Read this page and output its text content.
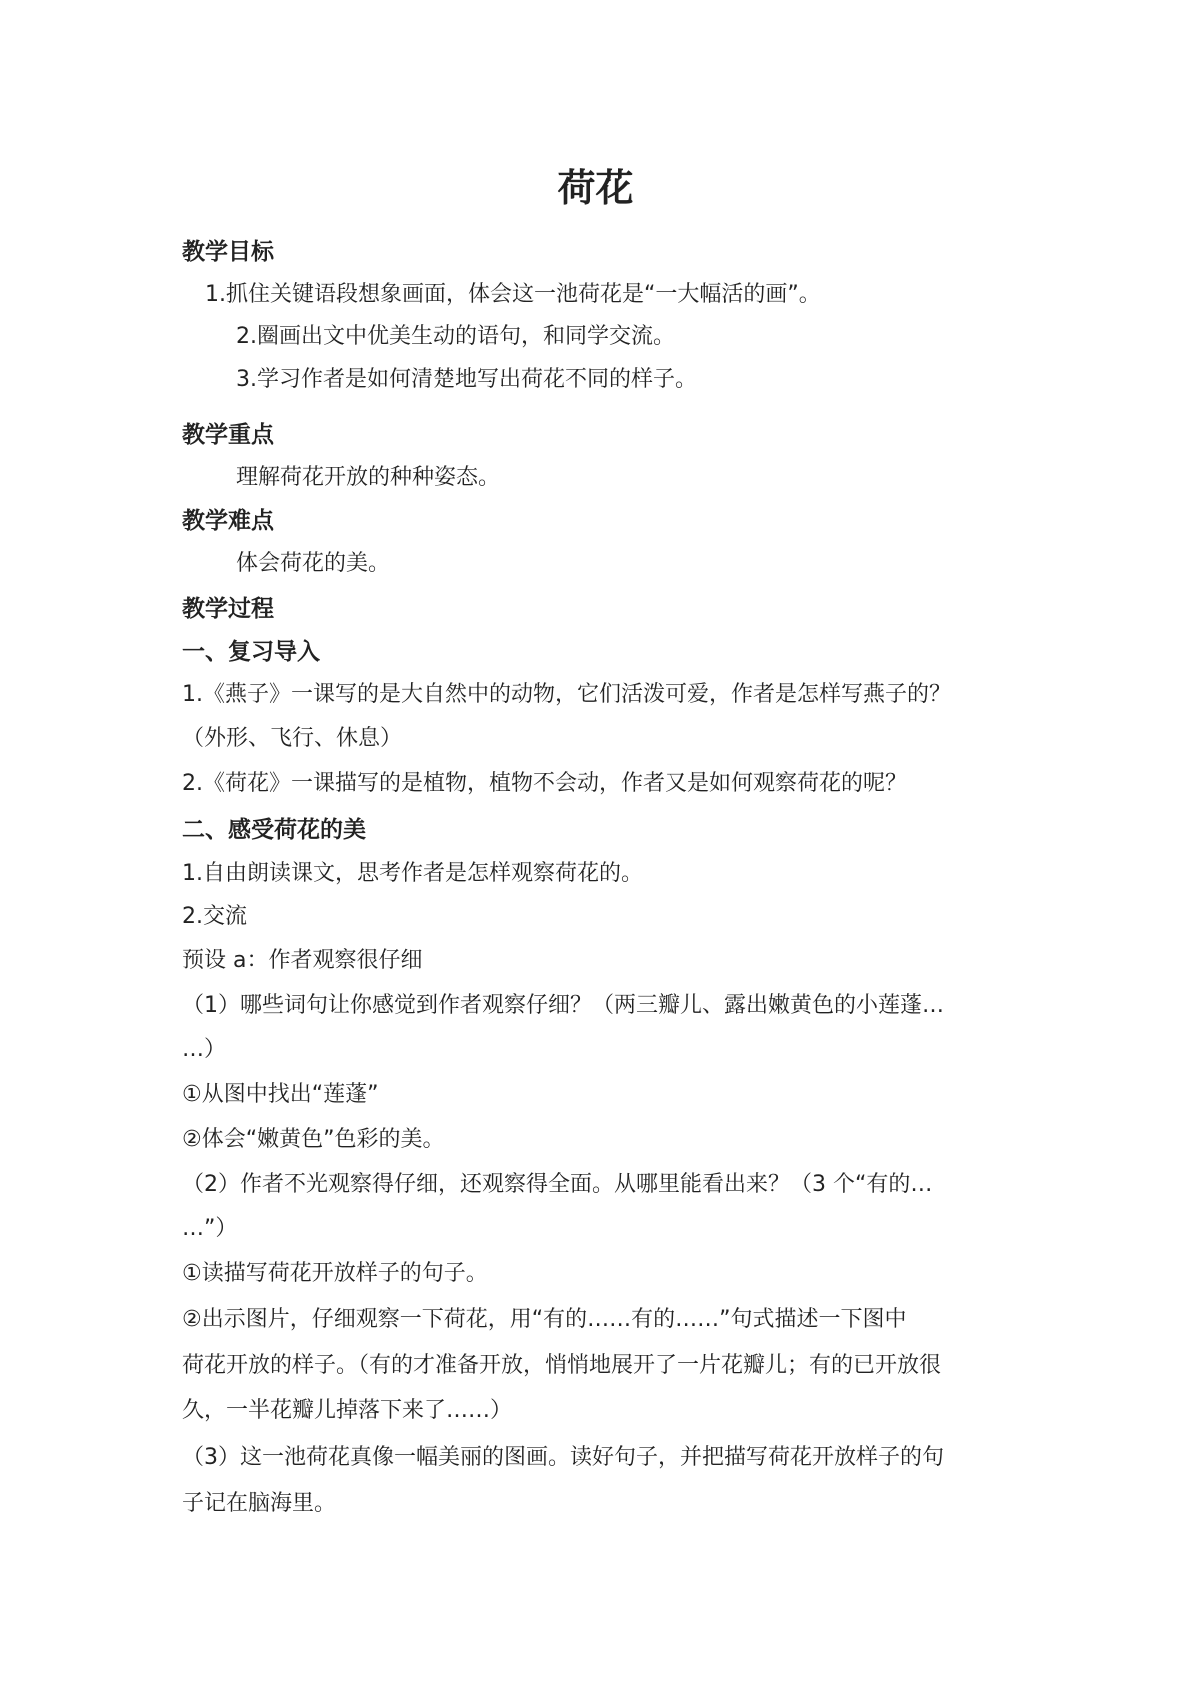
荷花
教学目标
1.抓住关键语段想象画面，体会这一池荷花是“一大幅活的画”。
2.圈画出文中优美生动的语句，和同学交流。
3.学习作者是如何清楚地写出荷花不同的样子。
教学重点
理解荷花开放的种种姿态。
教学难点
体会荷花的美。
教学过程
一、复习导入
1.《燕子》一课写的是大自然中的动物，它们活泼可爱，作者是怎样写燕子的？
（外形、飞行、休息）
2.《荷花》一课描写的是植物，植物不会动，作者又是如何观察荷花的呢？
二、感受荷花的美
1.自由朗读课文，思考作者是怎样观察荷花的。
2.交流
预设 a：作者观察很仔细
（1）哪些词句让你感觉到作者观察仔细？（两三瓣儿、露出嫩黄色的小莲蓬…
…）
①从图中找出“莲蓬”
②体会“嫩黄色”色彩的美。
（2）作者不光观察得仔细，还观察得全面。从哪里能看出来？（3 个“有的…
…”）
①读描写荷花开放样子的句子。
②出示图片，仔细观察一下荷花，用“有的……有的……”句式描述一下图中
荷花开放的样子。（有的才准备开放，悄悄地展开了一片花瓣儿；有的已开放很
久，一半花瓣儿掉落下来了……）
（3）这一池荷花真像一幅美丽的图画。读好句子，并把描写荷花开放样子的句
子记在脑海里。
